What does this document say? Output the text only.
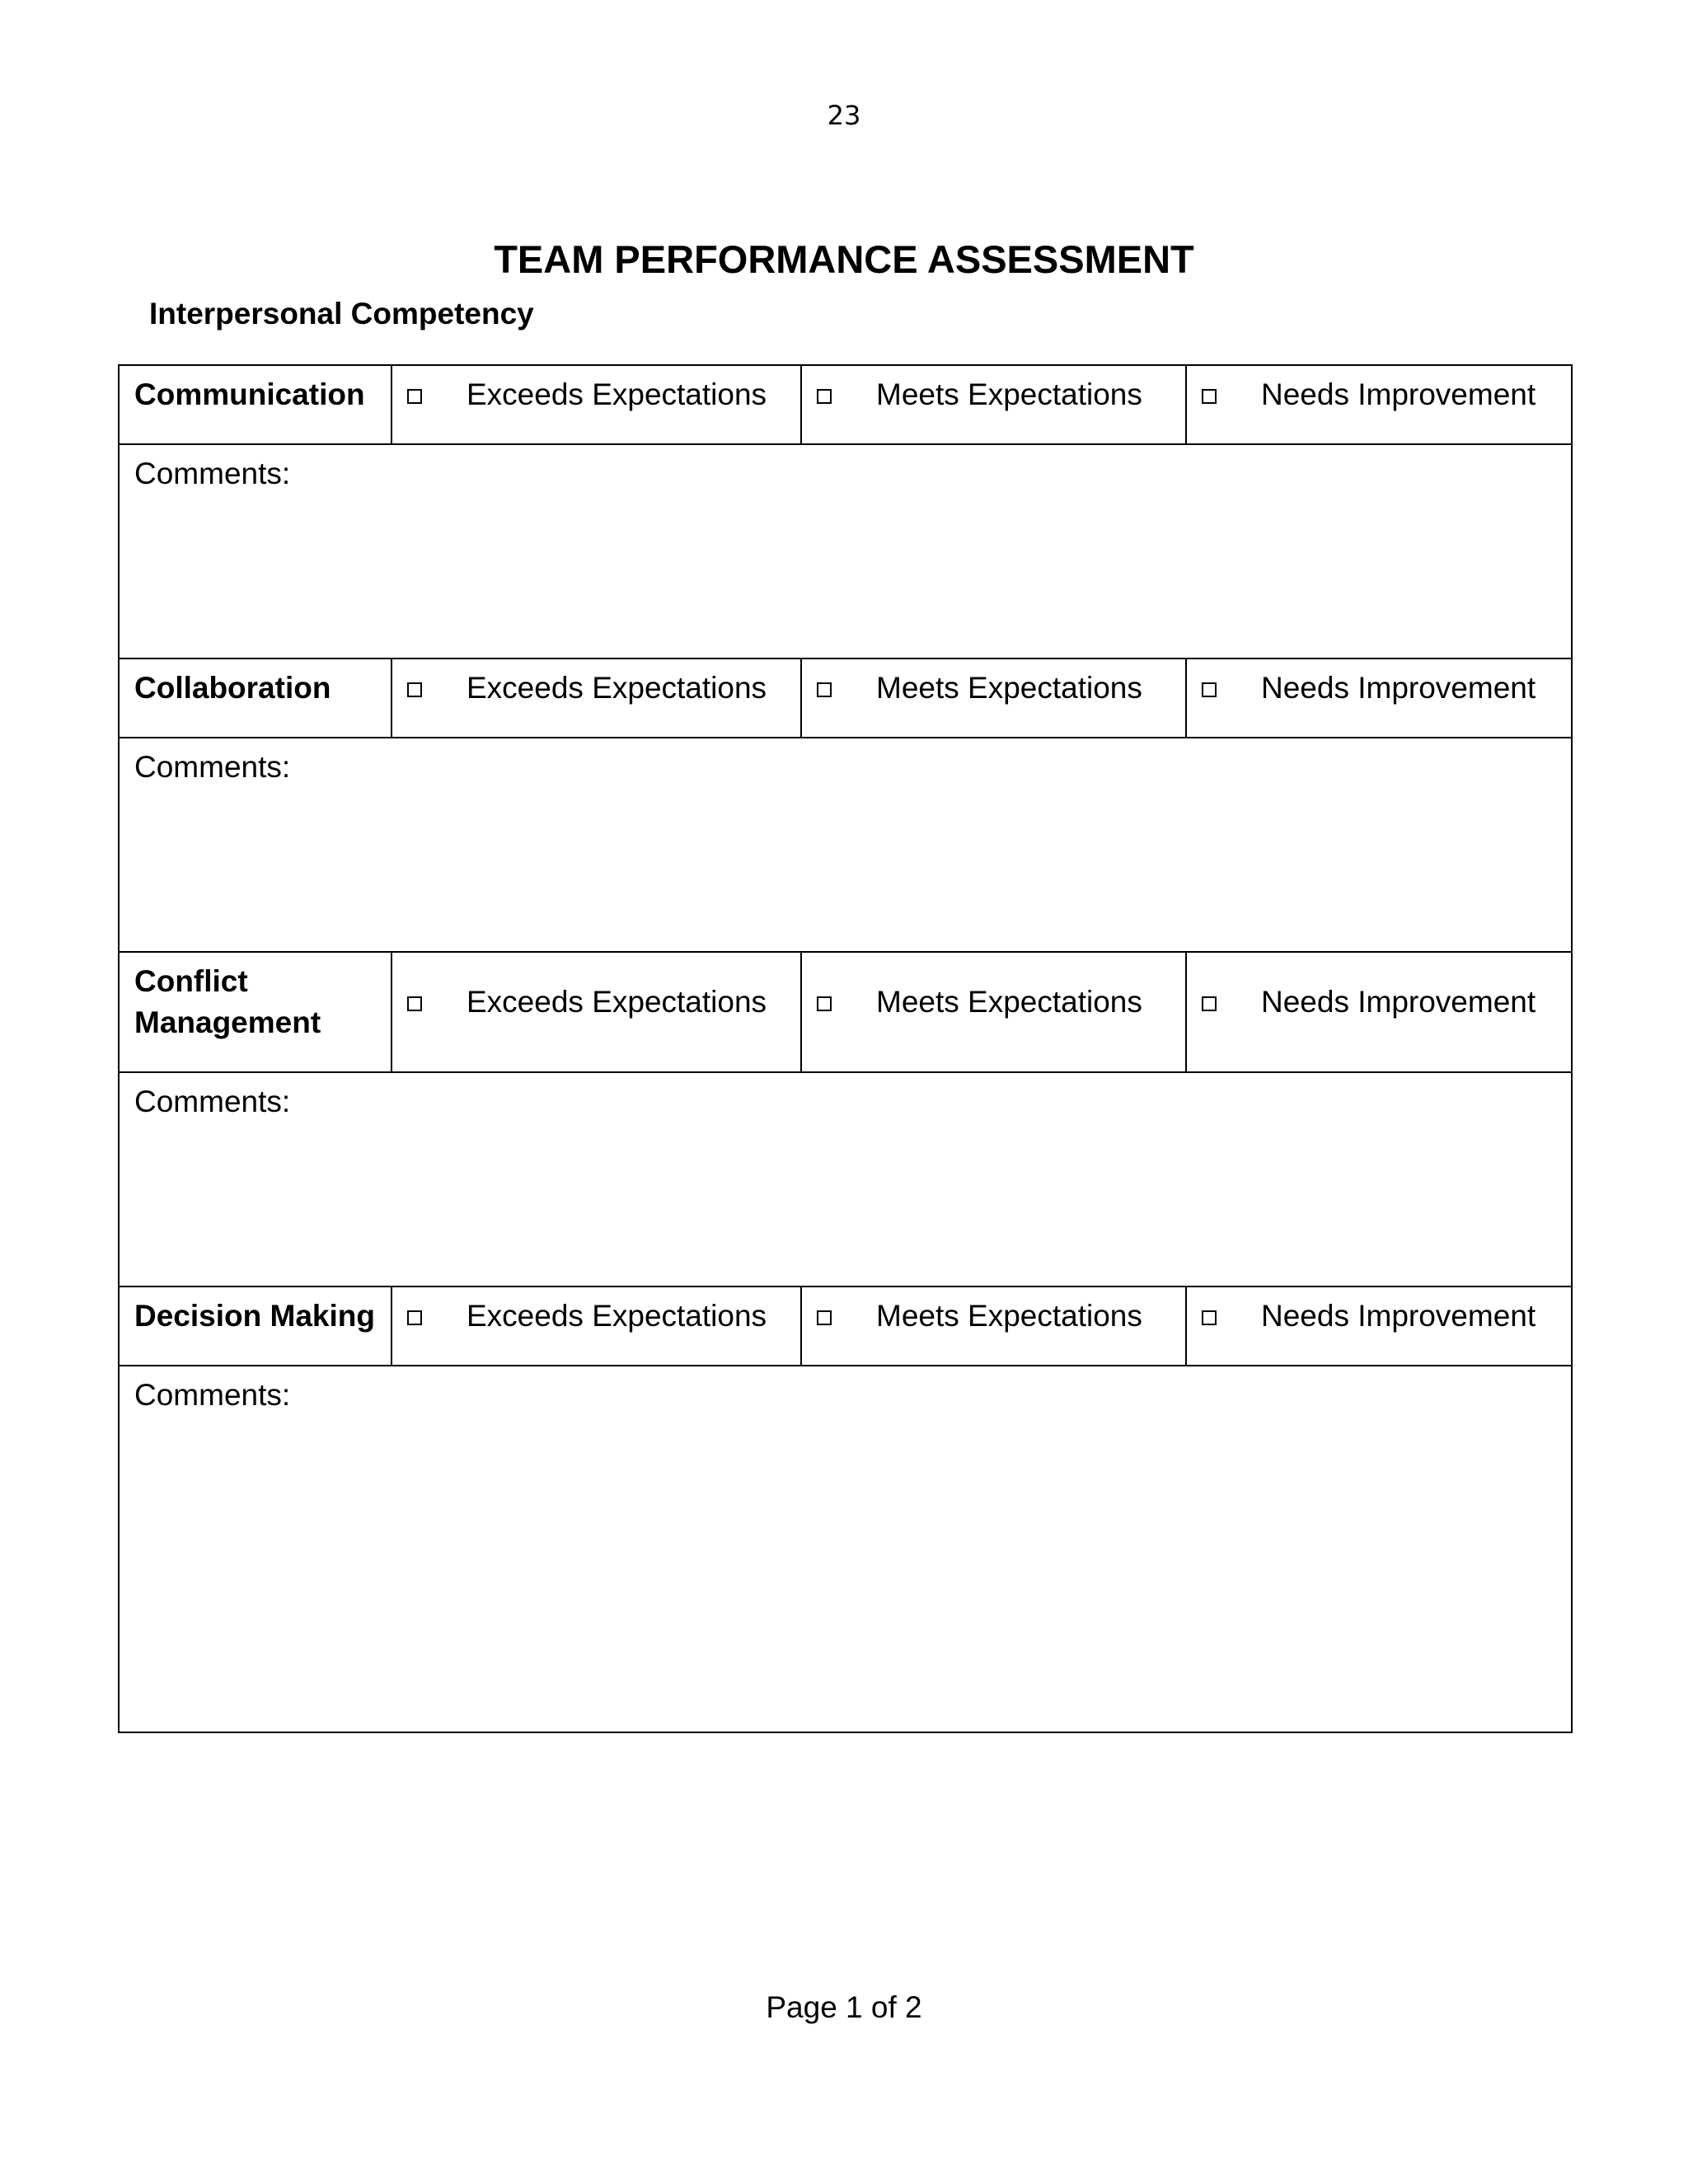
23
TEAM PERFORMANCE ASSESSMENT
Interpersonal Competency
Communication	Exceeds Expectations	Meets Expectations	Needs Improvement

Comments:			
Collaboration	Exceeds Expectations	Meets Expectations	Needs Improvement

Comments:			
Conflict Management	Exceeds Expectations	Meets Expectations	Needs Improvement

Comments:			
Decision Making	Exceeds Expectations	Meets Expectations	Needs Improvement

Comments:			
Page 1 of 2
